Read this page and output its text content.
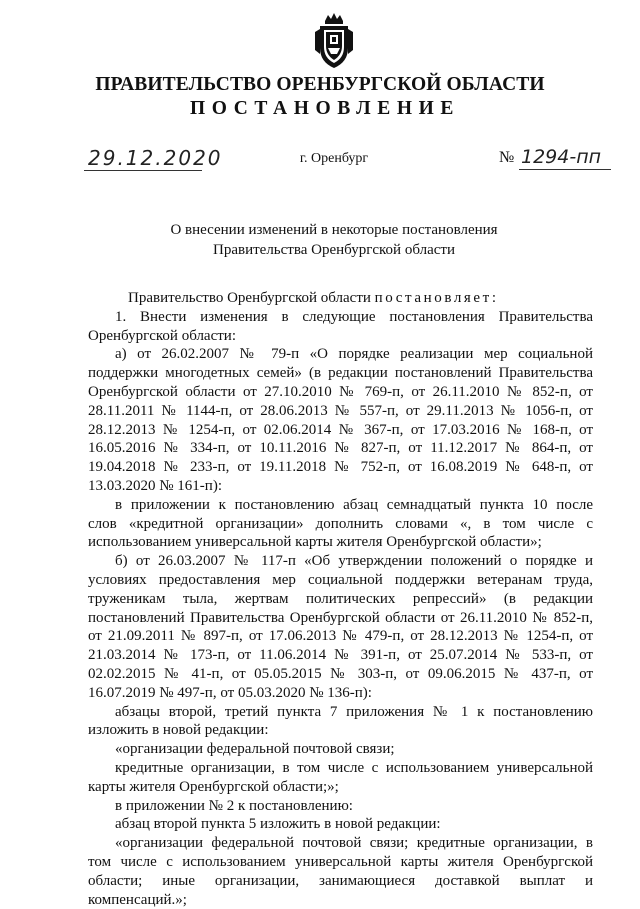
ПРАВИТЕЛЬСТВО ОРЕНБУРГСКОЙ ОБЛАСТИ
ПОСТАНОВЛЕНИЕ
29.12.2020	г. Оренбург	№ 1294-пп
О внесении изменений в некоторые постановления
Правительства Оренбургской области
Правительство Оренбургской области постановляет:
1. Внести изменения в следующие постановления Правительства
Оренбургской области:
а) от 26.02.2007 № 79-п «О порядке реализации мер социальной
поддержки многодетных семей» (в редакции постановлений Правительства
Оренбургской области от 27.10.2010 № 769-п, от 26.11.2010 № 852-п, от
28.11.2011 № 1144-п, от 28.06.2013 № 557-п, от 29.11.2013 № 1056-п, от
28.12.2013 № 1254-п, от 02.06.2014 № 367-п, от 17.03.2016 № 168-п, от
16.05.2016 № 334-п, от 10.11.2016 № 827-п, от 11.12.2017 № 864-п, от
19.04.2018 № 233-п, от 19.11.2018 № 752-п, от 16.08.2019 № 648-п, от
13.03.2020 № 161-п):
в приложении к постановлению абзац семнадцатый пункта 10 после
слов «кредитной организации» дополнить словами «, в том числе с
использованием универсальной карты жителя Оренбургской области»;
б) от 26.03.2007 № 117-п «Об утверждении положений о порядке и
условиях предоставления мер социальной поддержки ветеранам труда,
труженикам тыла, жертвам политических репрессий» (в редакции
постановлений Правительства Оренбургской области от 26.11.2010 № 852-п,
от 21.09.2011 № 897-п, от 17.06.2013 № 479-п, от 28.12.2013 № 1254-п, от
21.03.2014 № 173-п, от 11.06.2014 № 391-п, от 25.07.2014 № 533-п, от
02.02.2015 № 41-п, от 05.05.2015 № 303-п, от 09.06.2015 № 437-п, от
16.07.2019 № 497-п, от 05.03.2020 № 136-п):
абзацы второй, третий пункта 7 приложения № 1 к постановлению
изложить в новой редакции:
«организации федеральной почтовой связи;
кредитные организации, в том числе с использованием универсальной
карты жителя Оренбургской области;»;
в приложении № 2 к постановлению:
абзац второй пункта 5 изложить в новой редакции:
«организации федеральной почтовой связи; кредитные организации, в
том числе с использованием универсальной карты жителя Оренбургской
области; иные организации, занимающиеся доставкой выплат и
компенсаций.»;
